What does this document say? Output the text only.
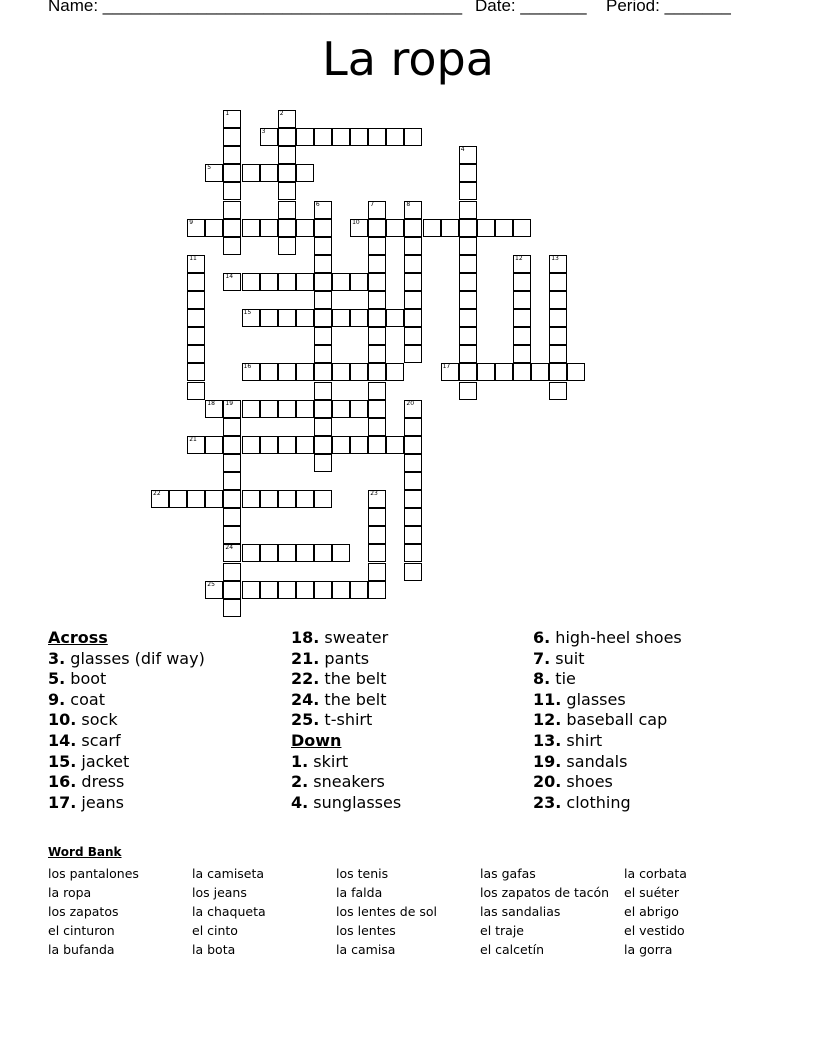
Name: ______________________________________ Date: _______ Period: _______
La ropa
1	2
3
4
5
6	7	8
9	10
11	12	13
14
15
16	17
18 19
24
20
21
22	23
25
Across
3. glasses (dif way)
5. boot
9. coat
10. sock
14. scarf
15. jacket
16. dress
17. jeans
18. sweater
21. pants
22. the belt
24. the belt
25. t-shirt
Down
1. skirt
2. sneakers
4. sunglasses
6. high-heel shoes
7. suit
8. tie
11. glasses
12. baseball cap
13. shirt
19. sandals
20. shoes
23. clothing
Word Bank
los pantalones	la camiseta	los tenis	las gafas	la corbata
la ropa	los jeans	la falda	los zapatos de tacón	el suéter
los zapatos	la chaqueta	los lentes de sol	las sandalias	el abrigo
el cinturon	el cinto	los lentes	el traje	el vestido
la bufanda	la bota	la camisa	el calcetín	la gorra
